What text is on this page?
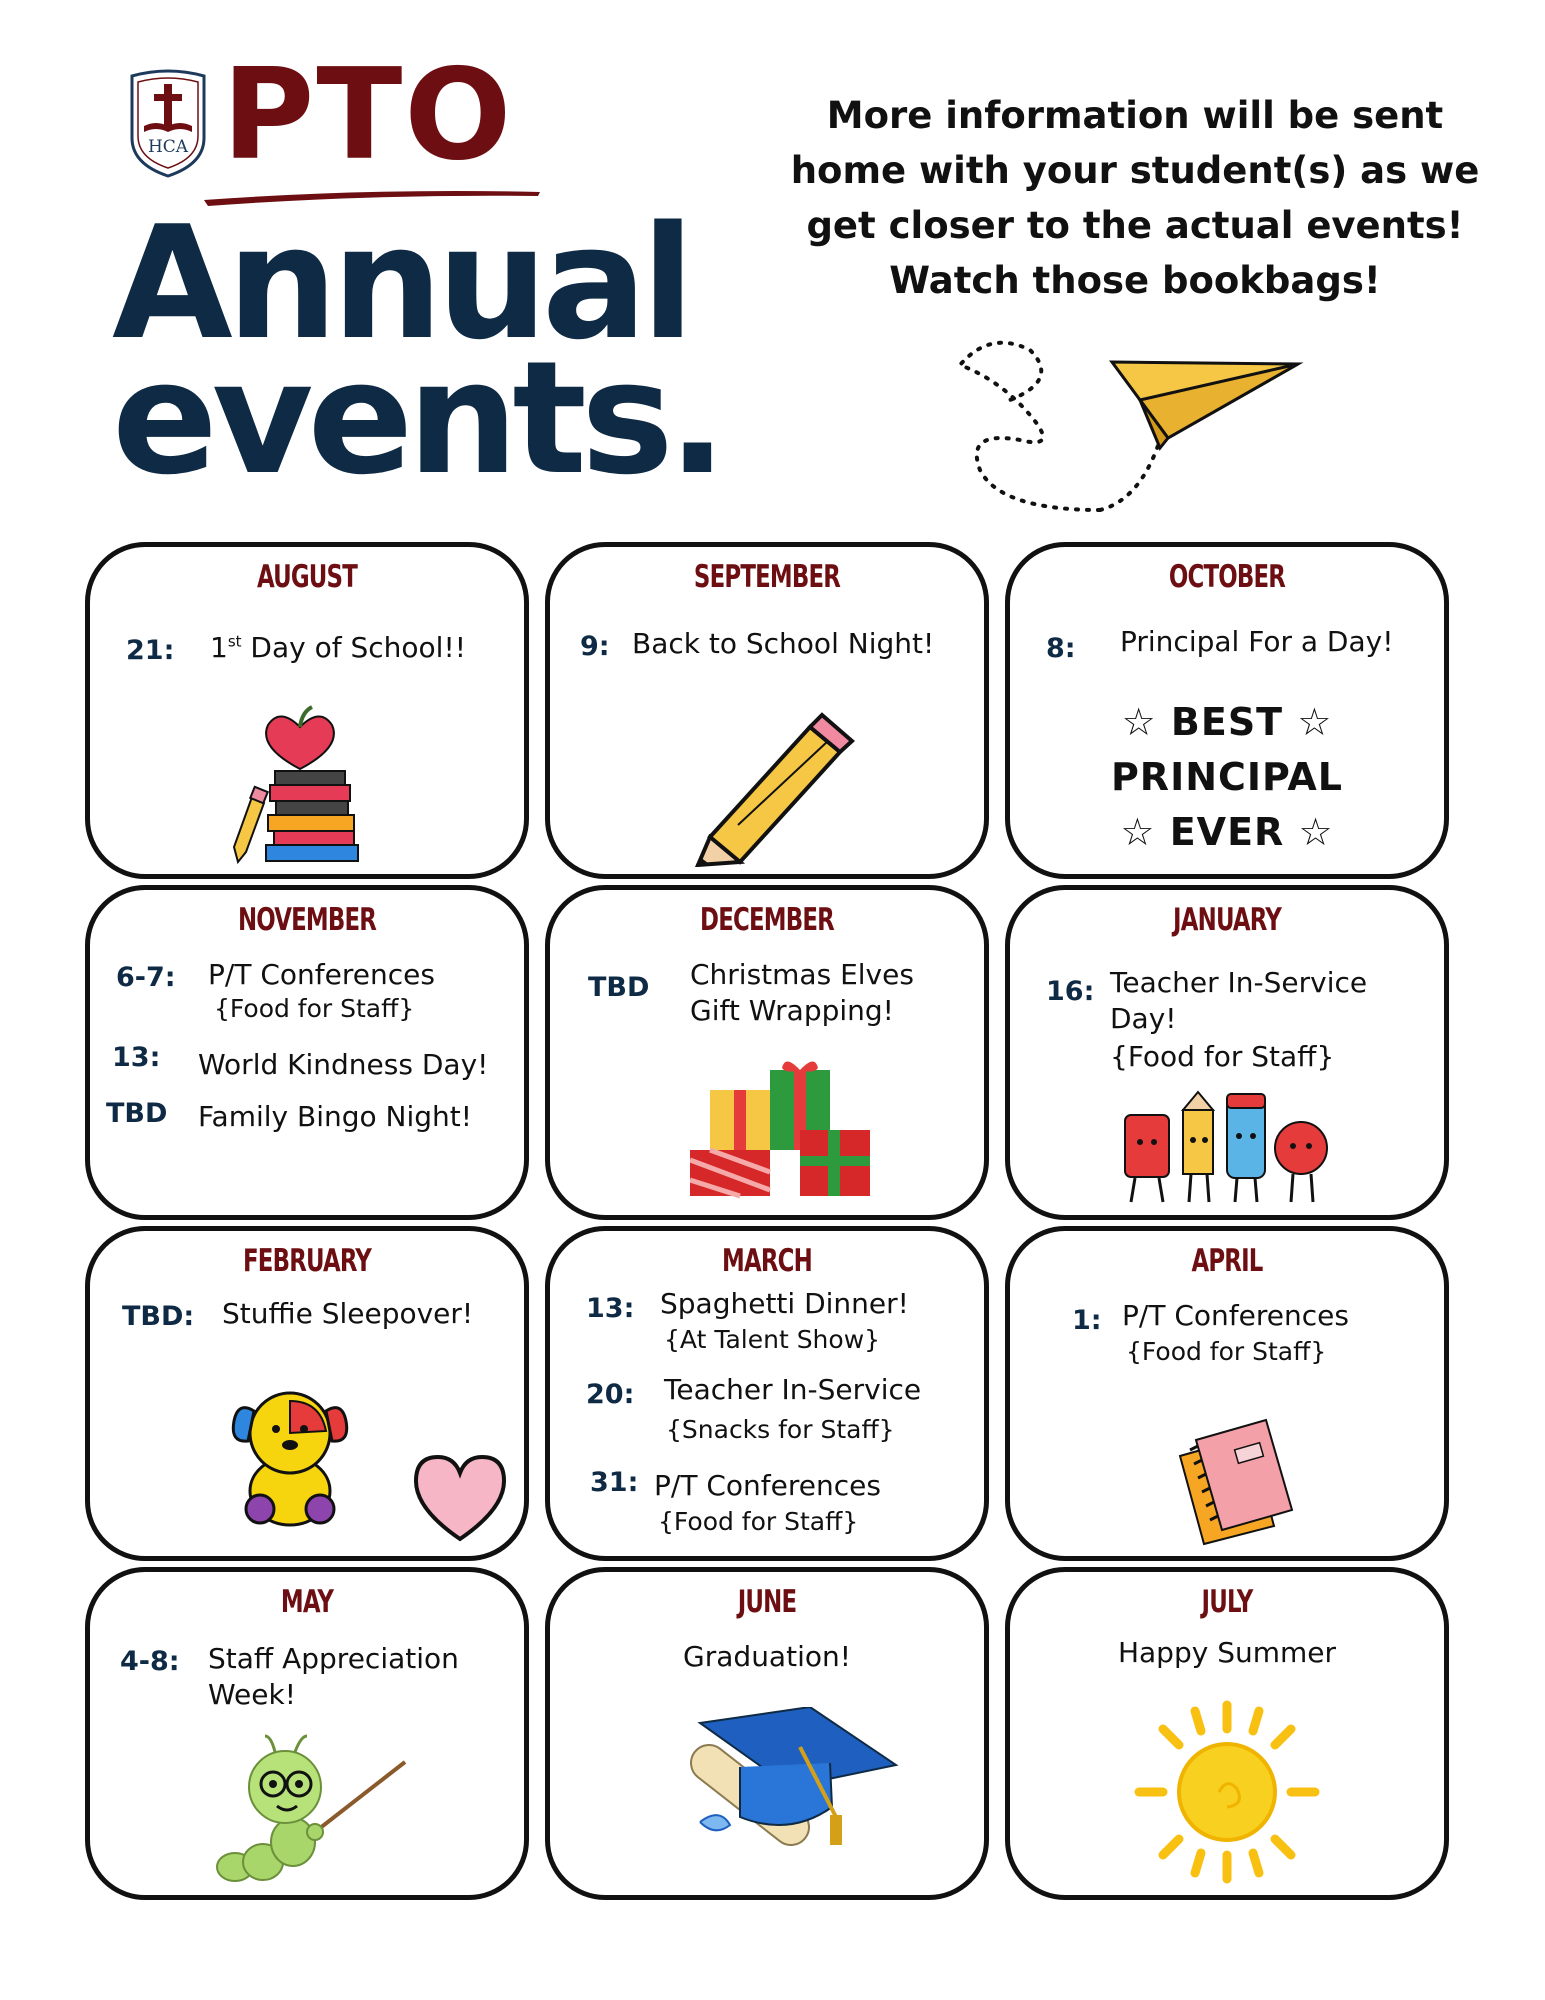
HCA PTO
Annual
events.
More information will be sent
home with your student(s) as we
get closer to the actual events!
Watch those bookbags!
AUGUST
21: 1st Day of School!!
SEPTEMBER
9: Back to School Night!
OCTOBER
8: Principal For a Day!
☆ BEST ☆
PRINCIPAL
☆ EVER ☆
NOVEMBER
6-7: P/T Conferences
{Food for Staff}
13: World Kindness Day!
TBD Family Bingo Night!
DECEMBER
TBD Christmas Elves
Gift Wrapping!
JANUARY
16: Teacher In-Service
Day!
{Food for Staff}
FEBRUARY
TBD: Stuffie Sleepover!
MARCH
13: Spaghetti Dinner!
{At Talent Show}
20: Teacher In-Service
{Snacks for Staff}
31: P/T Conferences
{Food for Staff}
APRIL
1: P/T Conferences
{Food for Staff}
MAY
4-8: Staff Appreciation
Week!
JUNE
Graduation!
JULY
Happy Summer
